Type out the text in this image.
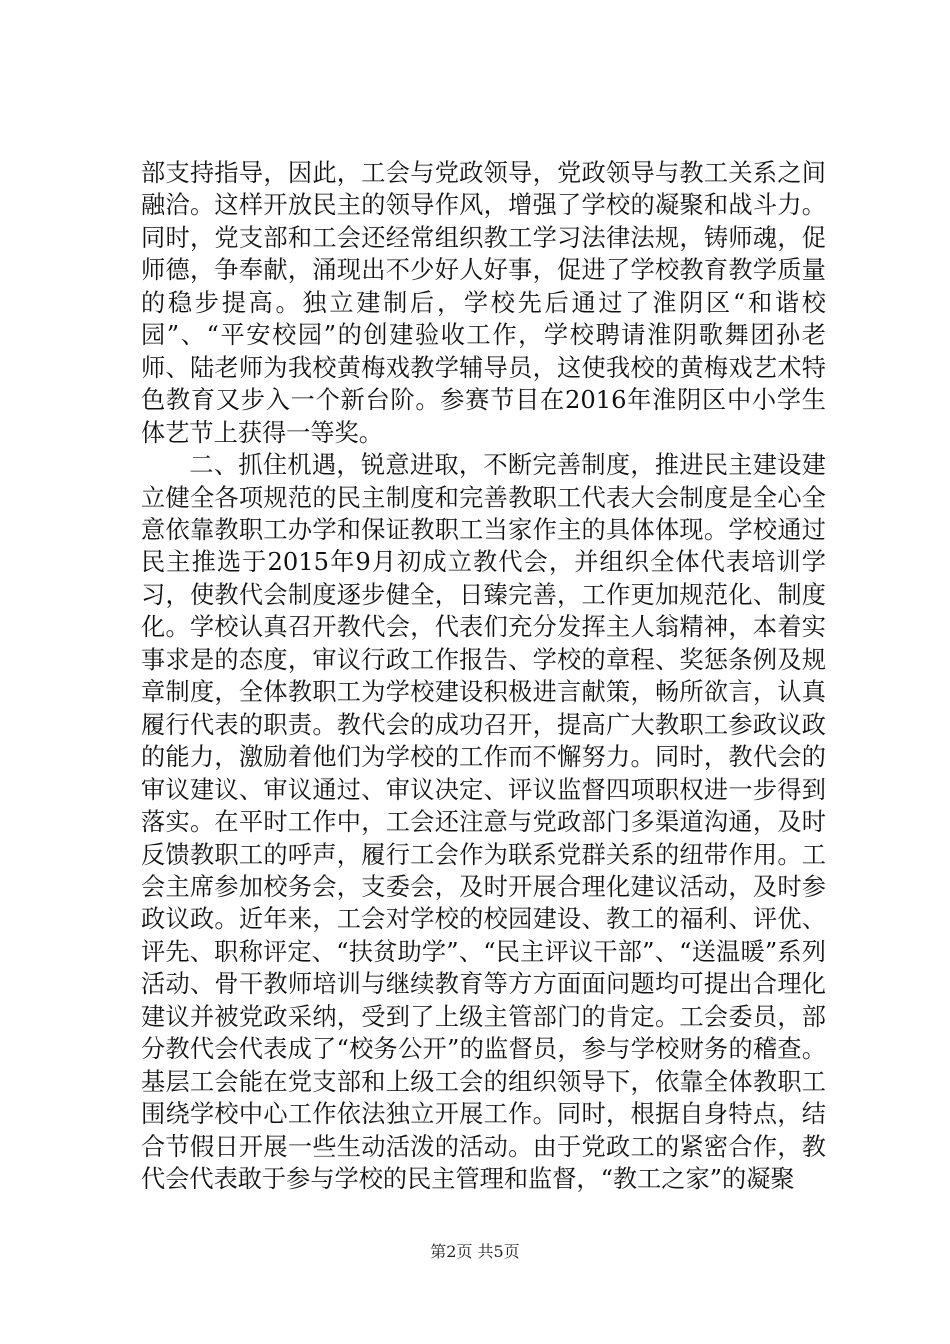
部支持指导，因此，工会与党政领导，党政领导与教工关系之间融洽。这样开放民主的领导作风，增强了学校的凝聚和战斗力。同时，党支部和工会还经常组织教工学习法律法规，铸师魂，促师德，争奉献，涌现出不少好人好事，促进了学校教育教学质量的稳步提高。独立建制后，学校先后通过了淮阴区“和谐校园”、“平安校园”的创建验收工作，学校聘请淮阴歌舞团孙老师、陆老师为我校黄梅戏教学辅导员，这使我校的黄梅戏艺术特色教育又步入一个新台阶。参赛节目在2016年淮阴区中小学生体艺节上获得一等奖。

二、抓住机遇，锐意进取，不断完善制度，推进民主建设建立健全各项规范的民主制度和完善教职工代表大会制度是全心全意依靠教职工办学和保证教职工当家作主的具体体现。学校通过民主推选于2015年9月初成立教代会，并组织全体代表培训学习，使教代会制度逐步健全，日臻完善，工作更加规范化、制度化。学校认真召开教代会，代表们充分发挥主人翁精神，本着实事求是的态度，审议行政工作报告、学校的章程、奖惩条例及规章制度，全体教职工为学校建设积极进言献策，畅所欲言，认真履行代表的职责。教代会的成功召开，提高广大教职工参政议政的能力，激励着他们为学校的工作而不懈努力。同时，教代会的审议建议、审议通过、审议决定、评议监督四项职权进一步得到落实。在平时工作中，工会还注意与党政部门多渠道沟通，及时反馈教职工的呼声，履行工会作为联系党群关系的纽带作用。工会主席参加校务会，支委会，及时开展合理化建议活动，及时参政议政。近年来，工会对学校的校园建设、教工的福利、评优、评先、职称评定、“扶贫助学”、“民主评议干部”、“送温暖”系列活动、骨干教师培训与继续教育等方方面面问题均可提出合理化建议并被党政采纳，受到了上级主管部门的肯定。工会委员，部分教代会代表成了“校务公开”的监督员，参与学校财务的稽查。基层工会能在党支部和上级工会的组织领导下，依靠全体教职工围绕学校中心工作依法独立开展工作。同时，根据自身特点，结合节假日开展一些生动活泼的活动。由于党政工的紧密合作，教代会代表敢于参与学校的民主管理和监督，“教工之家”的凝聚

第2页 共5页
